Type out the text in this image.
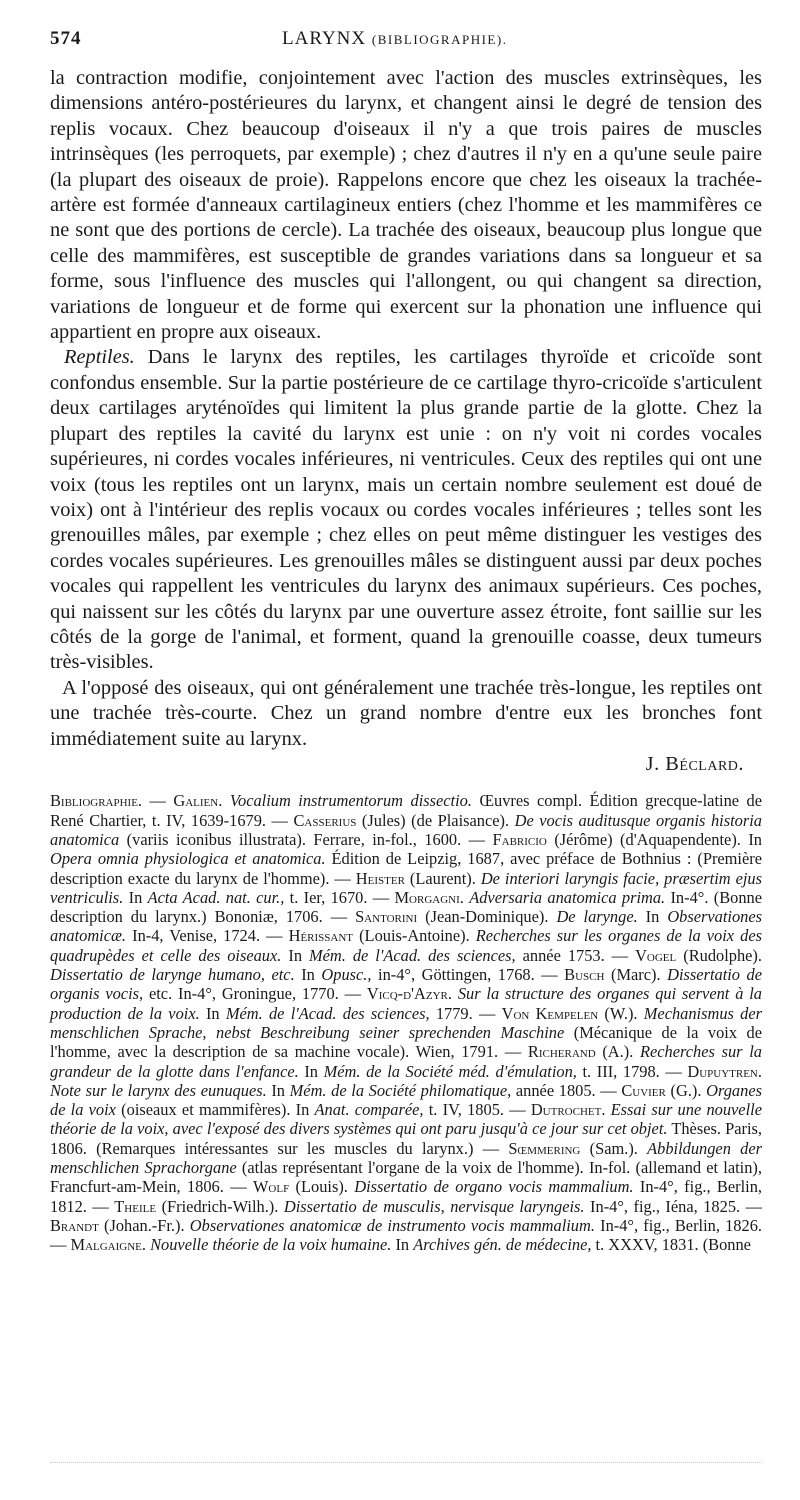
574	LARYNX (BIBLIOGRAPHIE).

la contraction modifie, conjointement avec l'action des muscles extrinsèques, les dimensions antéro-postérieures du larynx, et changent ainsi le degré de tension des replis vocaux. Chez beaucoup d'oiseaux il n'y a que trois paires de muscles intrinsèques (les perroquets, par exemple) ; chez d'autres il n'y en a qu'une seule paire (la plupart des oiseaux de proie). Rappelons encore que chez les oiseaux la trachée-artère est formée d'anneaux cartilagineux entiers (chez l'homme et les mammifères ce ne sont que des portions de cercle). La trachée des oiseaux, beaucoup plus longue que celle des mammifères, est susceptible de grandes variations dans sa longueur et sa forme, sous l'influence des muscles qui l'allongent, ou qui changent sa direction, variations de longueur et de forme qui exercent sur la phonation une influence qui appartient en propre aux oiseaux.

Reptiles. Dans le larynx des reptiles, les cartilages thyroïde et cricoïde sont confondus ensemble. Sur la partie postérieure de ce cartilage thyro-cricoïde s'articulent deux cartilages aryténoïdes qui limitent la plus grande partie de la glotte. Chez la plupart des reptiles la cavité du larynx est unie : on n'y voit ni cordes vocales supérieures, ni cordes vocales inférieures, ni ventricules. Ceux des reptiles qui ont une voix (tous les reptiles ont un larynx, mais un certain nombre seulement est doué de voix) ont à l'intérieur des replis vocaux ou cordes vocales inférieures ; telles sont les grenouilles mâles, par exemple ; chez elles on peut même distinguer les vestiges des cordes vocales supérieures. Les grenouilles mâles se distinguent aussi par deux poches vocales qui rappellent les ventricules du larynx des animaux supérieurs. Ces poches, qui naissent sur les côtés du larynx par une ouverture assez étroite, font saillie sur les côtés de la gorge de l'animal, et forment, quand la grenouille coasse, deux tumeurs très-visibles.

A l'opposé des oiseaux, qui ont généralement une trachée très-longue, les reptiles ont une trachée très-courte. Chez un grand nombre d'entre eux les bronches font immédiatement suite au larynx.

J. Béclard.
Bibliographie. — Galien. Vocalium instrumentorum dissectio. Œuvres compl. Édition grecque-latine de René Chartier, t. IV, 1639-1679. — Casserius (Jules) (de Plaisance). De vocis auditusque organis historia anatomica (variis iconibus illustrata). Ferrare, in-fol., 1600. — Fabricio (Jérôme) (d'Aquapendente). In Opera omnia physiologica et anatomica. Édition de Leipzig, 1687, avec préface de Bothnius : (Première description exacte du larynx de l'homme). — Heister (Laurent). De interiori laryngis facie, præsertim ejus ventriculis. In Acta Acad. nat. cur., t. Ier, 1670. — Morgagni. Adversaria anatomica prima. In-4°. (Bonne description du larynx.) Bononiæ, 1706. — Santorini (Jean-Dominique). De larynge. In Observationes anatomicæ. In-4, Venise, 1724. — Hérissant (Louis-Antoine). Recherches sur les organes de la voix des quadrupèdes et celle des oiseaux. In Mém. de l'Acad. des sciences, année 1753. — Vogel (Rudolphe). Dissertatio de larynge humano, etc. In Opusc., in-4°, Göttingen, 1768. — Busch (Marc). Dissertatio de organis vocis, etc. In-4°, Groningue, 1770. — Vicq-d'Azyr. Sur la structure des organes qui servent à la production de la voix. In Mém. de l'Acad. des sciences, 1779. — Von Kempelen (W.). Mechanismus der menschlichen Sprache, nebst Beschreibung seiner sprechenden Maschine (Mécanique de la voix de l'homme, avec la description de sa machine vocale). Wien, 1791. — Richerand (A.). Recherches sur la grandeur de la glotte dans l'enfance. In Mém. de la Société méd. d'émulation, t. III, 1798. — Dupuytren. Note sur le larynx des eunuques. In Mém. de la Société philomatique, année 1805. — Cuvier (G.). Organes de la voix (oiseaux et mammifères). In Anat. comparée, t. IV, 1805. — Dutrochet. Essai sur une nouvelle théorie de la voix, avec l'exposé des divers systèmes qui ont paru jusqu'à ce jour sur cet objet. Thèses. Paris, 1806. (Remarques intéressantes sur les muscles du larynx.) — Sœmmering (Sam.). Abbildungen der menschlichen Sprachorgane (atlas représentant l'organe de la voix de l'homme). In-fol. (allemand et latin), Francfurt-am-Mein, 1806. — Wolf (Louis). Dissertatio de organo vocis mammalium. In-4°, fig., Berlin, 1812. — Theile (Friedrich-Wilh.). Dissertatio de musculis, nervisque laryngeis. In-4°, fig., Iéna, 1825. — Brandt (Johan.-Fr.). Observationes anatomicæ de instrumento vocis mammalium. In-4°, fig., Berlin, 1826. — Malgaigne. Nouvelle théorie de la voix humaine. In Archives gén. de médecine, t. XXXV, 1831. (Bonne
